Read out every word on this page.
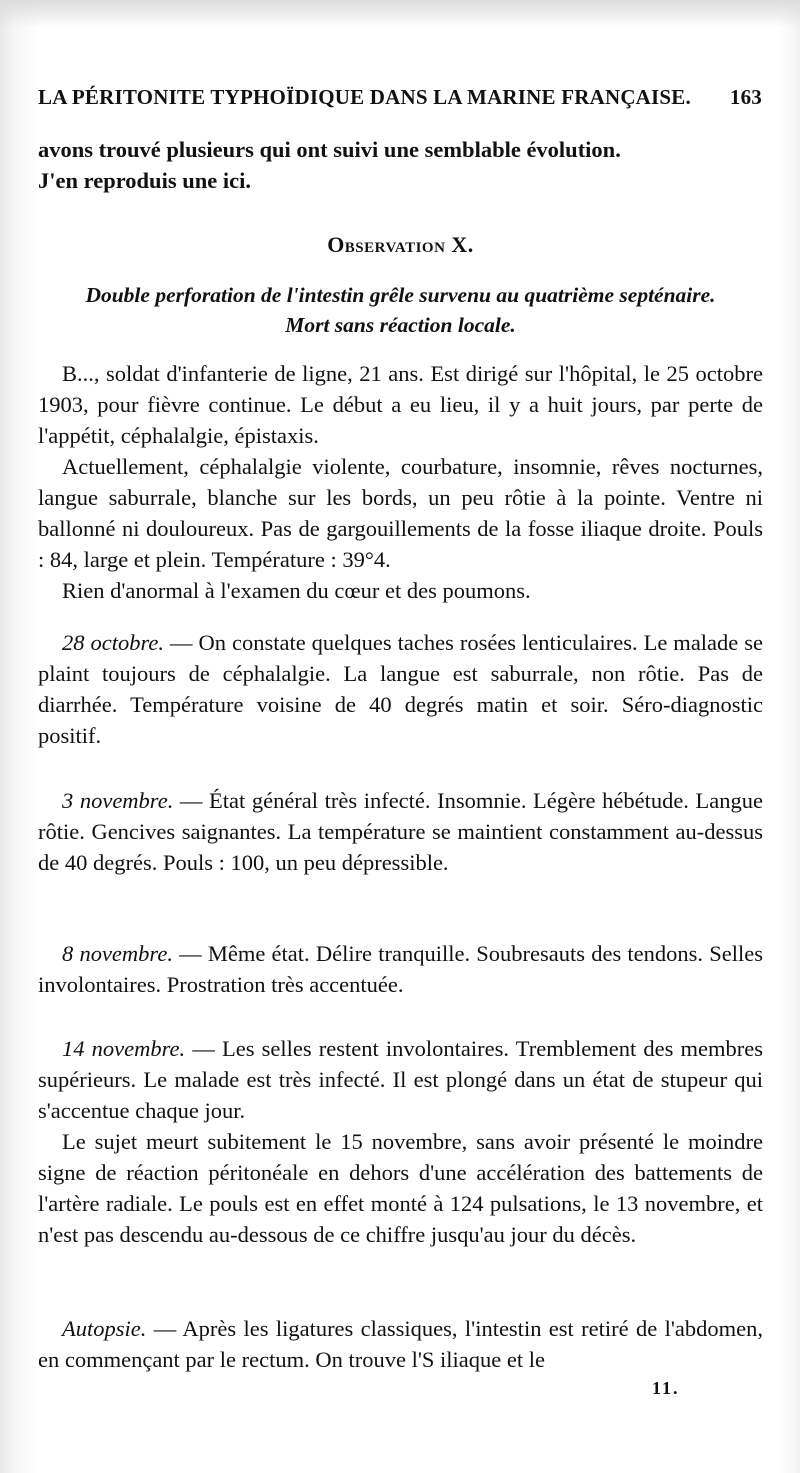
LA PÉRITONITE TYPHOÏDIQUE DANS LA MARINE FRANÇAISE. 163

avons trouvé plusieurs qui ont suivi une semblable évolution.

J'en reproduis une ici.

Observation X.
Double perforation de l'intestin grêle survenu au quatrième septénaire.
Mort sans réaction locale.

B..., soldat d'infanterie de ligne, 21 ans. Est dirigé sur l'hôpital, le 25 octobre 1903, pour fièvre continue. Le début a eu lieu, il y a huit jours, par perte de l'appétit, céphalalgie, épistaxis.

Actuellement, céphalalgie violente, courbature, insomnie, rêves nocturnes, langue saburrale, blanche sur les bords, un peu rôtie à la pointe. Ventre ni ballonné ni douloureux. Pas de gargouillements de la fosse iliaque droite. Pouls : 84, large et plein. Température : 39°4.

Rien d'anormal à l'examen du cœur et des poumons.

28 octobre. — On constate quelques taches rosées lenticulaires. Le malade se plaint toujours de céphalalgie. La langue est saburrale, non rôtie. Pas de diarrhée. Température voisine de 40 degrés matin et soir. Séro-diagnostic positif.

3 novembre. — État général très infecté. Insomnie. Légère hébétude. Langue rôtie. Gencives saignantes. La température se maintient constamment au-dessus de 40 degrés. Pouls : 100, un peu dépressible.

8 novembre. — Même état. Délire tranquille. Soubresauts des tendons. Selles involontaires. Prostration très accentuée.

14 novembre. — Les selles restent involontaires. Tremblement des membres supérieurs. Le malade est très infecté. Il est plongé dans un état de stupeur qui s'accentue chaque jour.

Le sujet meurt subitement le 15 novembre, sans avoir présenté le moindre signe de réaction péritonéale en dehors d'une accélération des battements de l'artère radiale. Le pouls est en effet monté à 124 pulsations, le 13 novembre, et n'est pas descendu au-dessous de ce chiffre jusqu'au jour du décès.

Autopsie. — Après les ligatures classiques, l'intestin est retiré de l'abdomen, en commençant par le rectum. On trouve l'S iliaque et le

11.
